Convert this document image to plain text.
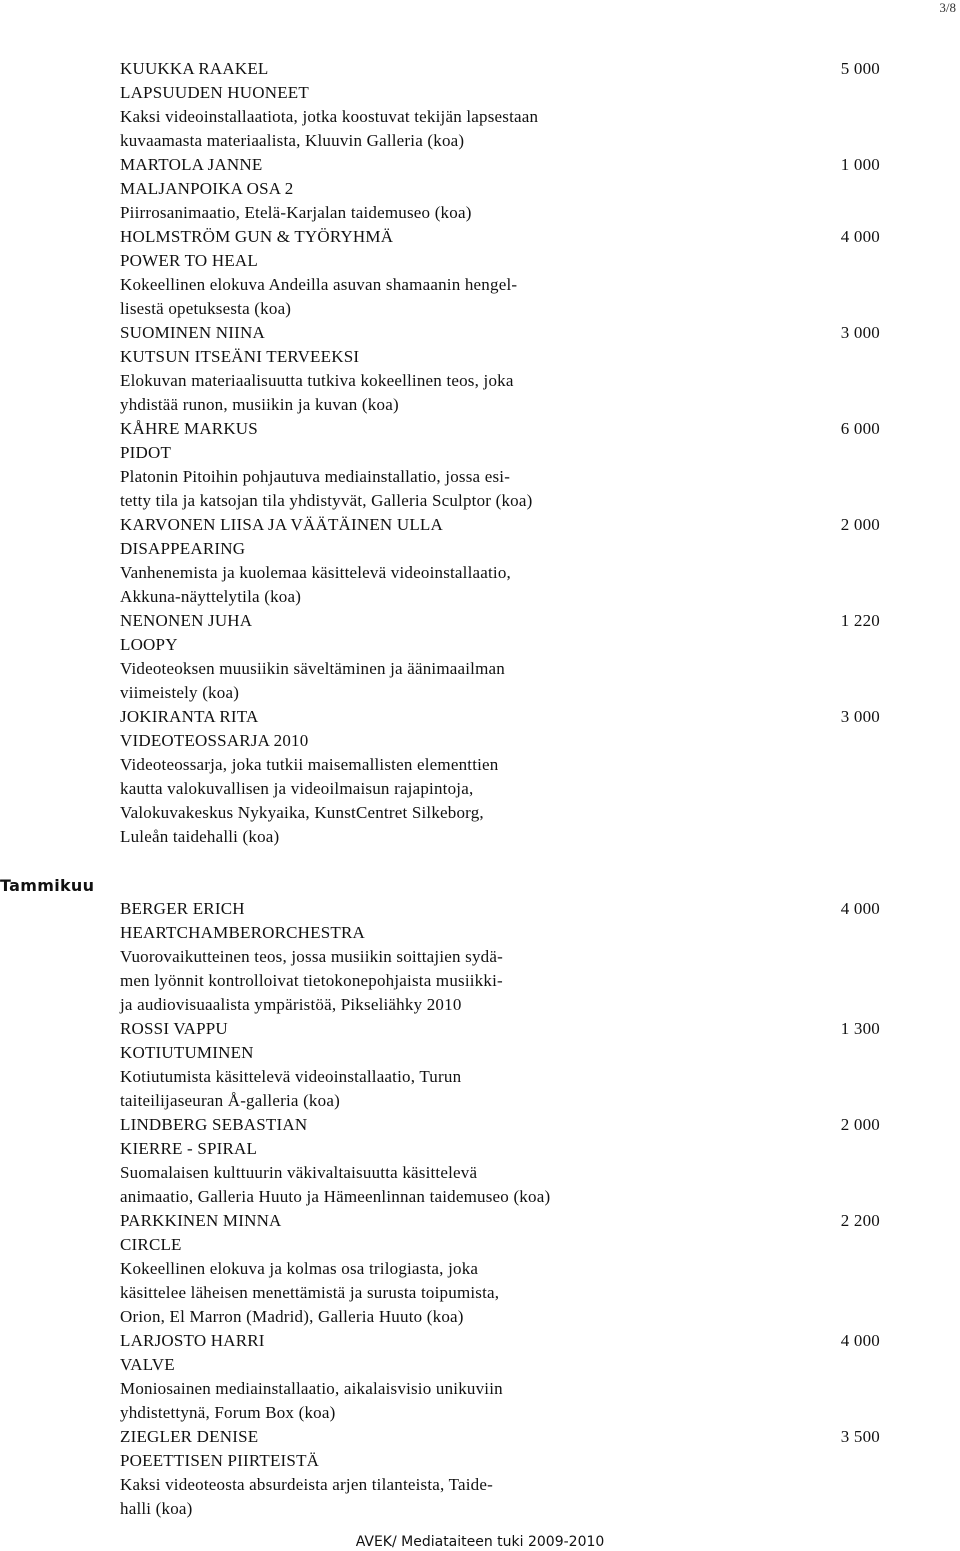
3/8
KUUKKA RAAKEL	5 000
LAPSUUDEN HUONEET
Kaksi videoinstallaatiota, jotka koostuvat tekijän lapsestaan
kuvaamasta materiaalista, Kluuvin Galleria (koa)
MARTOLA JANNE	1 000
MALJANPOIKA OSA 2
Piirrosanimaatio, Etelä-Karjalan taidemuseo (koa)
HOLMSTRÖM GUN & TYÖRYHMÄ	4 000
POWER TO HEAL
Kokeellinen elokuva Andeilla asuvan shamaanin hengel-
lisestä opetuksesta (koa)
SUOMINEN NIINA	3 000
KUTSUN ITSEÄNI TERVEEKSI
Elokuvan materiaalisuutta tutkiva kokeellinen teos, joka
yhdistää runon, musiikin ja kuvan (koa)
KÅHRE MARKUS	6 000
PIDOT
Platonin Pitoihin pohjautuva mediainstallatio, jossa esi-
tetty tila ja katsojan tila yhdistyvät, Galleria Sculptor (koa)
KARVONEN LIISA JA VÄÄTÄINEN ULLA	2 000
DISAPPEARING
Vanhenemista ja kuolemaa käsittelevä videoinstallaatio,
Akkuna-näyttelytila (koa)
NENONEN JUHA	1 220
LOOPY
Videoteoksen muusiikin säveltäminen ja äänimaailman
viimeistely (koa)
JOKIRANTA RITA	3 000
VIDEOTEOSSARJA 2010
Videoteossarja, joka tutkii maisemallisten elementtien
kautta valokuvallisen ja videoilmaisun rajapintoja,
Valokuvakeskus Nykyaika, KunstCentret Silkeborg,
Luleån taidehalli (koa)
Tammikuu
BERGER ERICH	4 000
HEARTCHAMBERORCHESTRA
Vuorovaikutteinen teos, jossa musiikin soittajien sydä-
men lyönnit kontrolloivat tietokonepohjaista musiikki-
ja audiovisuaalista ympäristöä, Pikseliähky 2010
ROSSI VAPPU	1 300
KOTIUTUMINEN
Kotiutumista käsittelevä videoinstallaatio, Turun
taiteilijaseuran Å-galleria (koa)
LINDBERG SEBASTIAN	2 000
KIERRE - SPIRAL
Suomalaisen kulttuurin väkivaltaisuutta käsittelevä
animaatio, Galleria Huuto ja Hämeenlinnan taidemuseo (koa)
PARKKINEN MINNA	2 200
CIRCLE
Kokeellinen elokuva ja kolmas osa trilogiasta, joka
käsittelee läheisen menettämistä ja surusta toipumista,
Orion, El Marron (Madrid), Galleria Huuto (koa)
LARJOSTO HARRI	4 000
VALVE
Moniosainen mediainstallaatio, aikalaisvisio unikuviin
yhdistettynä, Forum Box (koa)
ZIEGLER DENISE	3 500
POEETTISEN PIIRTEISTÄ
Kaksi videoteosta absurdeista arjen tilanteista, Taide-
halli (koa)
AVEK/ Mediataiteen tuki 2009-2010
